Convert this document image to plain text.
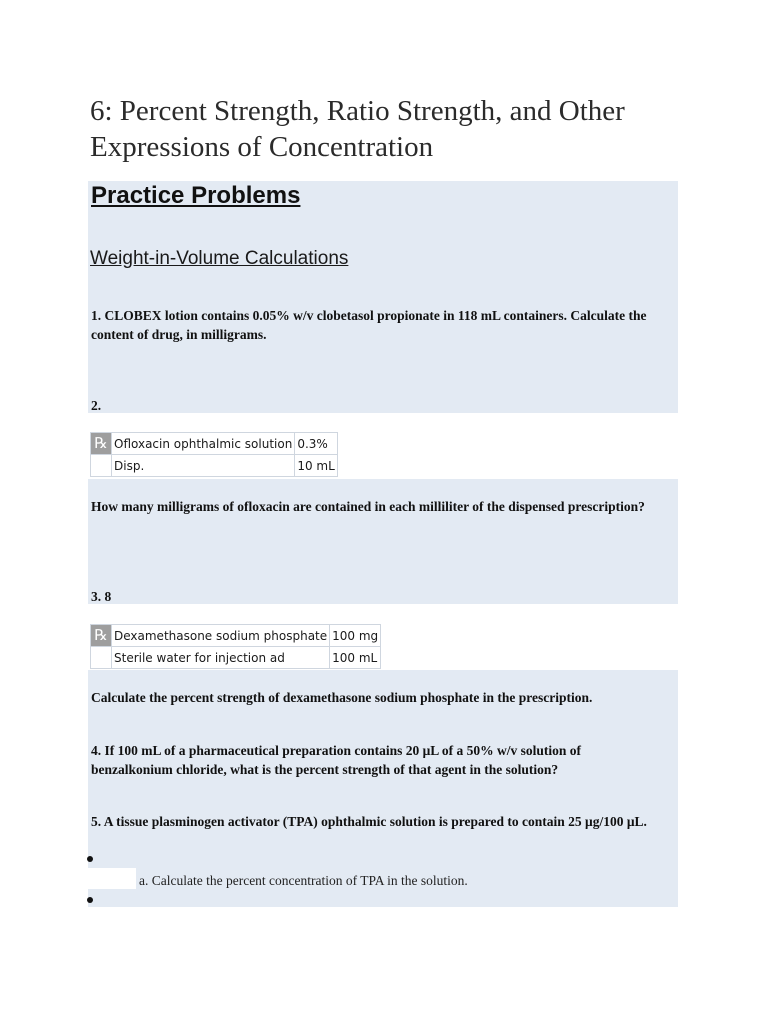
6: Percent Strength, Ratio Strength, and Other Expressions of Concentration
Practice Problems
Weight-in-Volume Calculations

1. CLOBEX lotion contains 0.05% w/v clobetasol propionate in 118 mL containers. Calculate the content of drug, in milligrams.

2.

℞	Ofloxacin ophthalmic solution	0.3%
	Disp.	10 mL

How many milligrams of ofloxacin are contained in each milliliter of the dispensed prescription?

3. 8

℞	Dexamethasone sodium phosphate	100 mg
	Sterile water for injection ad	100 mL

Calculate the percent strength of dexamethasone sodium phosphate in the prescription.

4. If 100 mL of a pharmaceutical preparation contains 20 μL of a 50% w/v solution of benzalkonium chloride, what is the percent strength of that agent in the solution?

5. A tissue plasminogen activator (TPA) ophthalmic solution is prepared to contain 25 μg/100 μL.

a. Calculate the percent concentration of TPA in the solution.
